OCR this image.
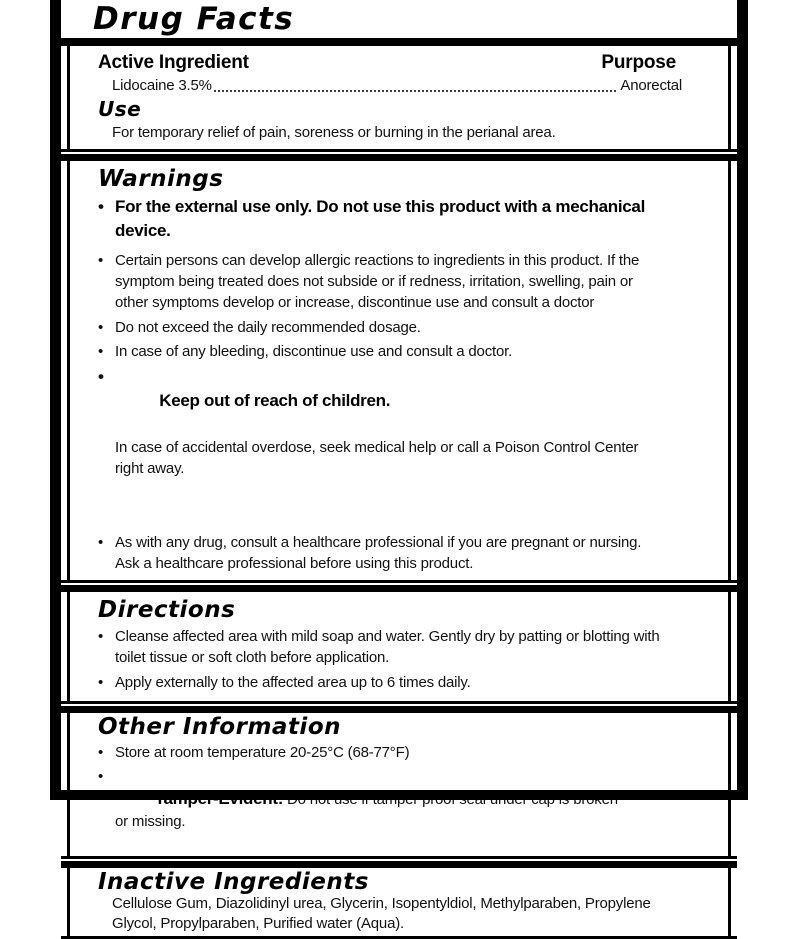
Drug Facts
Active Ingredient	Purpose
Lidocaine 3.5%	Anorectal
Use
For temporary relief of pain, soreness or burning in the perianal area.
Warnings
•
For the external use only. Do not use this product with a mechanical
device.
•
Certain persons can develop allergic reactions to ingredients in this product. If the
symptom being treated does not subside or if redness, irritation, swelling, pain or
other symptoms develop or increase, discontinue use and consult a doctor
•
Do not exceed the daily recommended dosage.
•
In case of any bleeding, discontinue use and consult a doctor.
•

Keep out of reach of children.

In case of accidental overdose, seek medical help or call a Poison Control Center
right away.

•
As with any drug, consult a healthcare professional if you are pregnant or nursing.
Ask a healthcare professional before using this product.
Directions
•
Cleanse affected area with mild soap and water. Gently dry by patting or blotting with
toilet tissue or soft cloth before application.
•
Apply externally to the affected area up to 6 times daily.
Other Information
•
Store at room temperature 20-25°C (68-77°F)
•

or missing.

Inactive Ingredients
Cellulose Gum, Diazolidinyl urea, Glycerin, Isopentyldiol, Methylparaben, Propylene
Glycol, Propylparaben, Purified water (Aqua).
